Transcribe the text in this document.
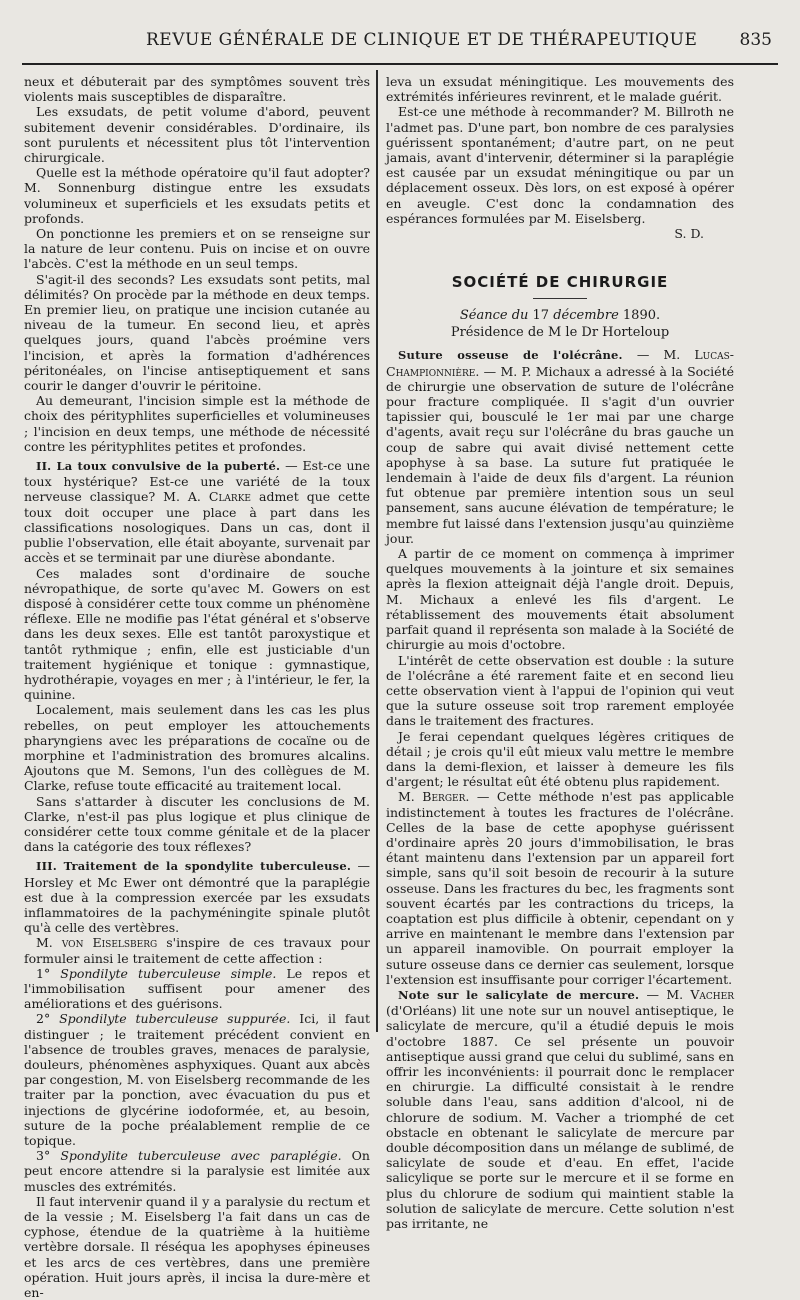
REVUE GÉNÉRALE DE CLINIQUE ET DE THÉRAPEUTIQUE 835

neux et débuterait par des symptômes souvent très violents mais susceptibles de disparaître.

Les exsudats, de petit volume d'abord, peuvent subitement devenir considérables. D'ordinaire, ils sont purulents et nécessitent plus tôt l'intervention chirurgicale.

Quelle est la méthode opératoire qu'il faut adopter? M. Sonnenburg distingue entre les exsudats volumineux et superficiels et les exsudats petits et profonds.

On ponctionne les premiers et on se renseigne sur la nature de leur contenu. Puis on incise et on ouvre l'abcès. C'est la méthode en un seul temps.

S'agit-il des seconds? Les exsudats sont petits, mal délimités? On procède par la méthode en deux temps. En premier lieu, on pratique une incision cutanée au niveau de la tumeur. En second lieu, et après quelques jours, quand l'abcès proémine vers l'incision, et après la formation d'adhérences péritonéales, on l'incise antiseptiquement et sans courir le danger d'ouvrir le péritoine.

Au demeurant, l'incision simple est la méthode de choix des pérityphlites superficielles et volumineuses ; l'incision en deux temps, une méthode de nécessité contre les pérityphlites petites et profondes.

II. La toux convulsive de la puberté. — Est-ce une toux hystérique? Est-ce une variété de la toux nerveuse classique? M. A. Clarke admet que cette toux doit occuper une place à part dans les classifications nosologiques. Dans un cas, dont il publie l'observation, elle était aboyante, survenait par accès et se terminait par une diurèse abondante.

Ces malades sont d'ordinaire de souche névropathique, de sorte qu'avec M. Gowers on est disposé à considérer cette toux comme un phénomène réflexe. Elle ne modifie pas l'état général et s'observe dans les deux sexes. Elle est tantôt paroxystique et tantôt rythmique ; enfin, elle est justiciable d'un traitement hygiénique et tonique : gymnastique, hydrothérapie, voyages en mer ; à l'intérieur, le fer, la quinine.

Localement, mais seulement dans les cas les plus rebelles, on peut employer les attouchements pharyngiens avec les préparations de cocaïne ou de morphine et l'administration des bromures alcalins. Ajoutons que M. Semons, l'un des collègues de M. Clarke, refuse toute efficacité au traitement local.

Sans s'attarder à discuter les conclusions de M. Clarke, n'est-il pas plus logique et plus clinique de considérer cette toux comme génitale et de la placer dans la catégorie des toux réflexes?

III. Traitement de la spondylite tuberculeuse. — Horsley et Mc Ewer ont démontré que la paraplégie est due à la compression exercée par les exsudats inflammatoires de la pachyméningite spinale plutôt qu'à celle des vertèbres.

M. von Eiselsberg s'inspire de ces travaux pour formuler ainsi le traitement de cette affection :

1° Spondilyte tuberculeuse simple. Le repos et l'immobilisation suffisent pour amener des améliorations et des guérisons.

2° Spondilyte tuberculeuse suppurée. Ici, il faut distinguer ; le traitement précédent convient en l'absence de troubles graves, menaces de paralysie, douleurs, phénomènes asphyxiques. Quant aux abcès par congestion, M. von Eiselsberg recommande de les traiter par la ponction, avec évacuation du pus et injections de glycérine iodoformée, et, au besoin, suture de la poche préalablement remplie de ce topique.

3° Spondylite tuberculeuse avec paraplégie. On peut encore attendre si la paralysie est limitée aux muscles des extrémités.

Il faut intervenir quand il y a paralysie du rectum et de la vessie ; M. Eiselsberg l'a fait dans un cas de cyphose, étendue de la quatrième à la huitième vertèbre dorsale. Il réséqua les apophyses épineuses et les arcs de ces vertèbres, dans une première opération. Huit jours après, il incisa la dure-mère et en-

leva un exsudat méningitique. Les mouvements des extrémités inférieures revinrent, et le malade guérit.

Est-ce une méthode à recommander? M. Billroth ne l'admet pas. D'une part, bon nombre de ces paralysies guérissent spontanément; d'autre part, on ne peut jamais, avant d'intervenir, déterminer si la paraplégie est causée par un exsudat méningitique ou par un déplacement osseux. Dès lors, on est exposé à opérer en aveugle. C'est donc la condamnation des espérances formulées par M. Eiselsberg.

S. D.
SOCIÉTÉ DE CHIRURGIE
Séance du 17 décembre 1890.
Présidence de M le Dr Horteloup

Suture osseuse de l'olécrâne. — M. Lucas-Championnière. — M. P. Michaux a adressé à la Société de chirurgie une observation de suture de l'olécrâne pour fracture compliquée. Il s'agit d'un ouvrier tapissier qui, bousculé le 1er mai par une charge d'agents, avait reçu sur l'olécrâne du bras gauche un coup de sabre qui avait divisé nettement cette apophyse à sa base. La suture fut pratiquée le lendemain à l'aide de deux fils d'argent. La réunion fut obtenue par première intention sous un seul pansement, sans aucune élévation de température; le membre fut laissé dans l'extension jusqu'au quinzième jour.

A partir de ce moment on commença à imprimer quelques mouvements à la jointure et six semaines après la flexion atteignait déjà l'angle droit. Depuis, M. Michaux a enlevé les fils d'argent. Le rétablissement des mouvements était absolument parfait quand il représenta son malade à la Société de chirurgie au mois d'octobre.

L'intérêt de cette observation est double : la suture de l'olécrâne a été rarement faite et en second lieu cette observation vient à l'appui de l'opinion qui veut que la suture osseuse soit trop rarement employée dans le traitement des fractures.

Je ferai cependant quelques légères critiques de détail ; je crois qu'il eût mieux valu mettre le membre dans la demi-flexion, et laisser à demeure les fils d'argent; le résultat eût été obtenu plus rapidement.

M. Berger. — Cette méthode n'est pas applicable indistinctement à toutes les fractures de l'olécrâne. Celles de la base de cette apophyse guérissent d'ordinaire après 20 jours d'immobilisation, le bras étant maintenu dans l'extension par un appareil fort simple, sans qu'il soit besoin de recourir à la suture osseuse. Dans les fractures du bec, les fragments sont souvent écartés par les contractions du triceps, la coaptation est plus difficile à obtenir, cependant on y arrive en maintenant le membre dans l'extension par un appareil inamovible. On pourrait employer la suture osseuse dans ce dernier cas seulement, lorsque l'extension est insuffisante pour corriger l'écartement.

Note sur le salicylate de mercure. — M. Vacher (d'Orléans) lit une note sur un nouvel antiseptique, le salicylate de mercure, qu'il a étudié depuis le mois d'octobre 1887. Ce sel présente un pouvoir antiseptique aussi grand que celui du sublimé, sans en offrir les inconvénients: il pourrait donc le remplacer en chirurgie. La difficulté consistait à le rendre soluble dans l'eau, sans addition d'alcool, ni de chlorure de sodium. M. Vacher a triomphé de cet obstacle en obtenant le salicylate de mercure par double décomposition dans un mélange de sublimé, de salicylate de soude et d'eau. En effet, l'acide salicylique se porte sur le mercure et il se forme en plus du chlorure de sodium qui maintient stable la solution de salicylate de mercure. Cette solution n'est pas irritante, ne
